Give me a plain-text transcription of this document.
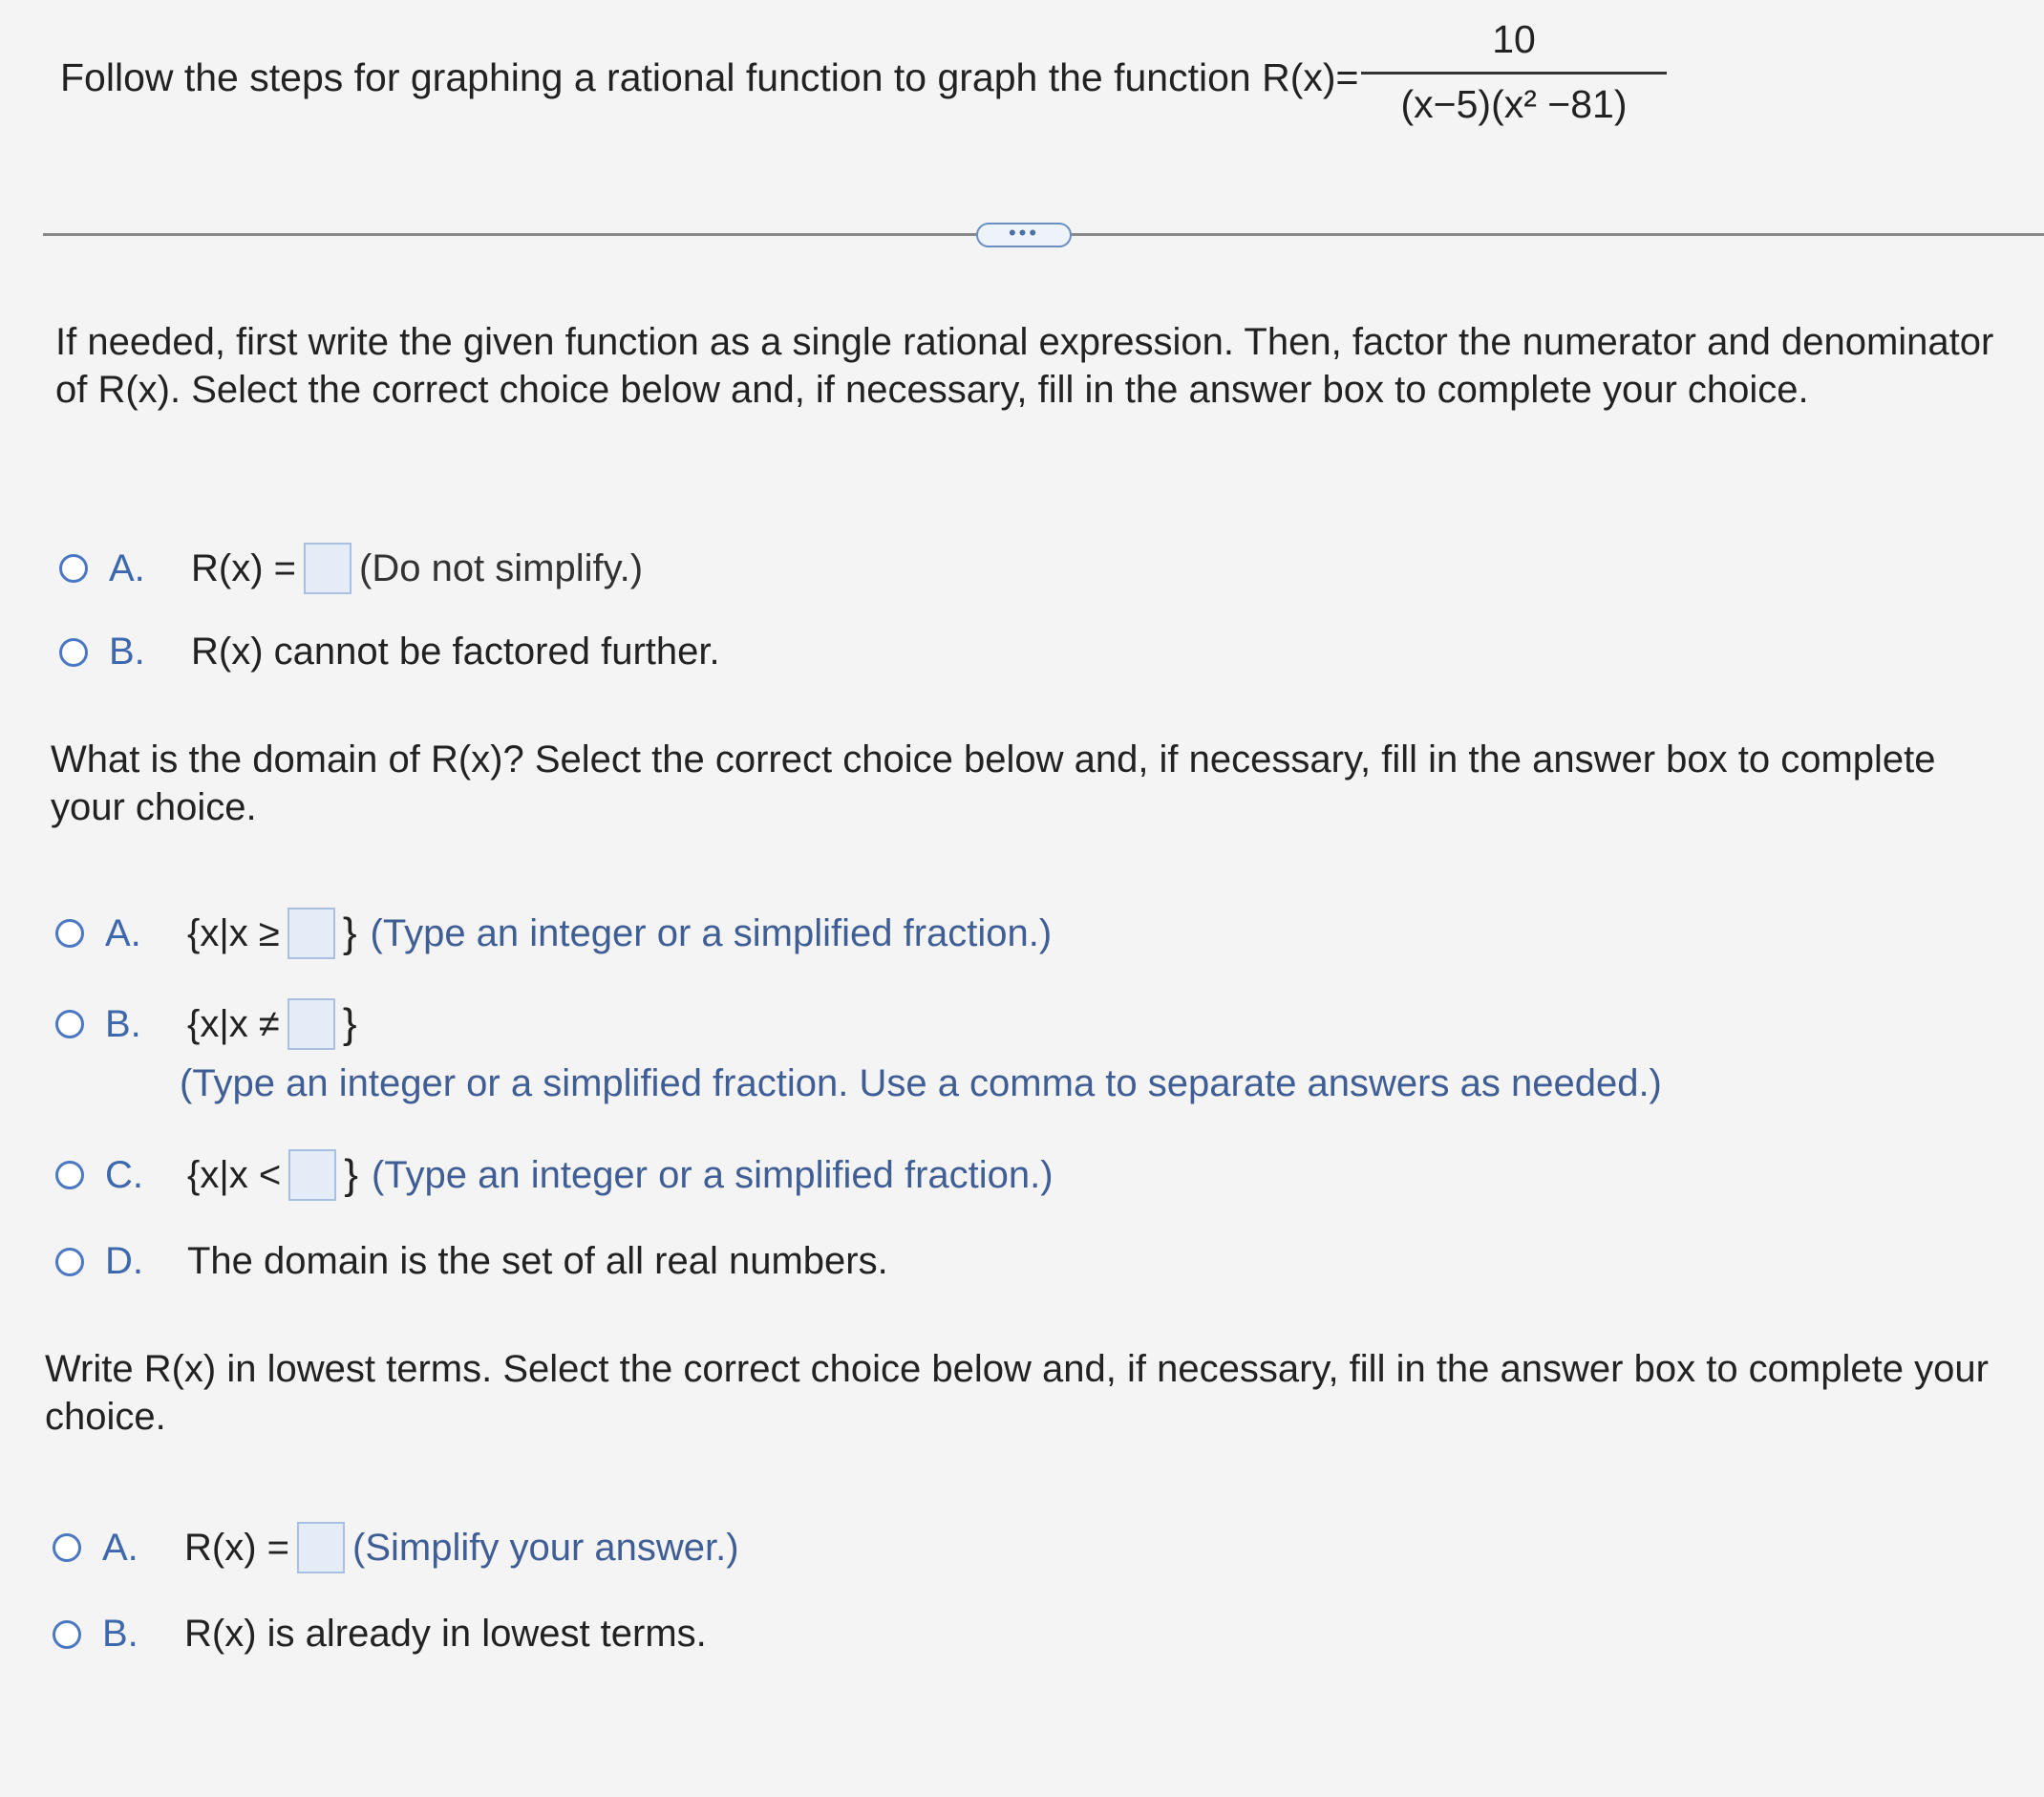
Follow the steps for graphing a rational function to graph the function R(x)=
10
(x−5)(x² −81)
•••
If needed, first write the given function as a single rational expression. Then, factor the numerator and denominator of R(x). Select the correct choice below and, if necessary, fill in the answer box to complete your choice.
A.	R(x) = (Do not simplify.)
B.	R(x) cannot be factored further.
What is the domain of R(x)? Select the correct choice below and, if necessary, fill in the answer box to complete your choice.
A.	{x|x ≥ } (Type an integer or a simplified fraction.)
B.	{x|x ≠ }
(Type an integer or a simplified fraction. Use a comma to separate answers as needed.)
C.	{x|x < } (Type an integer or a simplified fraction.)
D.	The domain is the set of all real numbers.
Write R(x) in lowest terms. Select the correct choice below and, if necessary, fill in the answer box to complete your choice.
A.	R(x) = (Simplify your answer.)
B.	R(x) is already in lowest terms.
